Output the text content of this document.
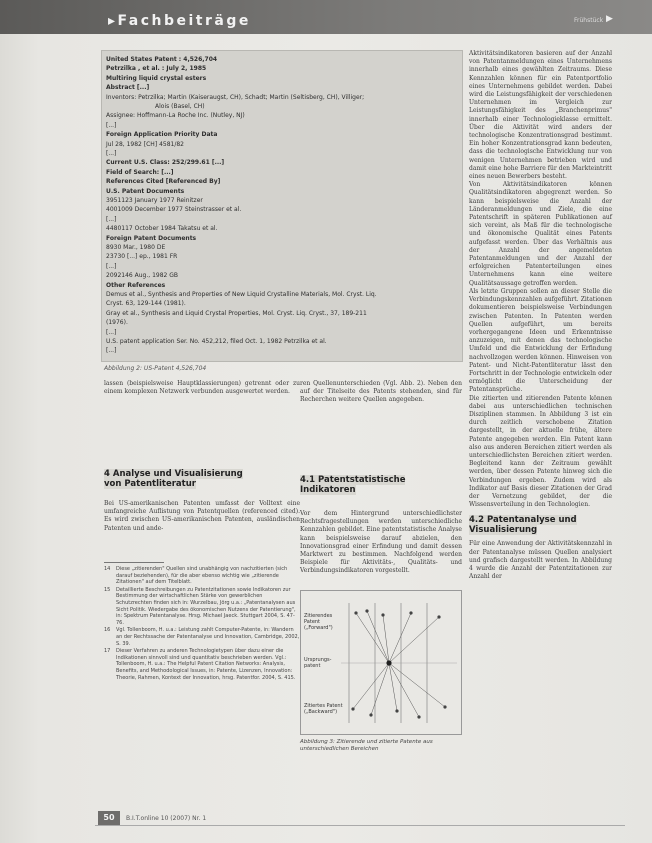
▸Fachbeiträge	Frühstück ▶
United States Patent : 4,526,704
Petrzilka , et al. : July 2, 1985
Multiring liquid crystal esters
Abstract [...]
Inventors: Petrzilka; Martin (Kaiseraugst, CH), Schadt; Martin (Seltisberg, CH), Villiger;
Alois (Basel, CH)
Assignee: Hoffmann-La Roche Inc. (Nutley, NJ)
[...]
Foreign Application Priority Data
Jul 28, 1982 [CH] 4581/82
[...]
Current U.S. Class: 252/299.61 [...]
Field of Search: [...]
References Cited [Referenced By]
U.S. Patent Documents
3951123 January 1977 Reinitzer
4001009 December 1977 Steinstrasser et al.
[...]
4480117 October 1984 Takatsu et al.
Foreign Patent Documents
8930 Mar., 1980 DE
23730 [...] ep., 1981 FR
[...]
2092146 Aug., 1982 GB
Other References
Demus et al., Synthesis and Properties of New Liquid Crystalline Materials, Mol. Cryst. Liq.
Cryst. 63, 129-144 (1981).
Gray et al., Synthesis and Liquid Crystal Properties, Mol. Cryst. Liq. Cryst., 37, 189-211
(1976).
[...]
U.S. patent application Ser. No. 452,212, filed Oct. 1, 1982 Petrzilka et al.
[...]
Abbildung 2: US-Patent 4,526,704
lassen (beispielsweise Hauptklassierungen) getrennt oder zu einem komplexen Netzwerk verbunden ausgewertet werden.
4 Analyse und Visualisierung
von Patentliteratur
Bei US-amerikanischen Patenten umfasst der Volltext eine umfangreiche Auflistung von Patentquellen (referenced cited). Es wird zwischen US-amerikanischen Patenten, ausländischen Patenten und ande-
14	Diese „zitierenden" Quellen sind unabhängig von nachzitierten (sich darauf beziehenden), für die aber ebenso wichtig wie „zitierende Zitationen" auf dem Titelblatt.
15	Detaillierte Beschreibungen zu Patentzitationen sowie Indikatoren zur Bestimmung der wirtschaftlichen Stärke von gewerblichen Schutzrechten finden sich in: Wurzelbau, Jörg u.a.: „Patentanalysen aus Sicht Politik. Wiedergabe des ökonomischen Nutzens der Patentierung", in: Spektrum Patentanalyse. Hrsg. Michael Jaeck. Stuttgart 2004, S. 47-76.
16	Vgl. Tollenboom, H. u.a.: Leistung zahlt Computer-Patente, in: Wandern an der Rechtssache der Patentanalyse und Innovation, Cambridge, 2002, S. 39.
17	Dieser Verfahren zu anderen Technologietypen über dazu einer die Indikationen sinnvoll sind und quantitativ beschrieben werden. Vgl.: Tollenboom, H. u.a.: The Helpful Patent Citation Networks: Analysis, Benefits, and Methodological Issues, in: Patente, Lizenzen, Innovation: Theorie, Rahmen, Kontext der Innovation, hrsg. Patentfor. 2004, S. 415.
ren Quellenunterschieden (Vgl. Abb. 2). Neben den auf der Titelseite des Patents stehenden, sind für Recherchen weitere Quellen angegeben.
4.1 Patentstatistische
Indikatoren
Vor dem Hintergrund unterschiedlichster Rechtsfragestellungen werden unterschiedliche Kennzahlen gebildet. Eine patentstatistische Analyse kann beispielsweise darauf abzielen, den Innovationsgrad einer Erfindung und damit dessen Marktwert zu bestimmen. Nachfolgend werden Beispiele für Aktivitäts-, Qualitäts- und Verbindungsindikatoren vorgestellt.
Zitierendes Patent („Forward")
Ursprungs-patent
Zitiertes Patent („Backward")
Abbildung 3: Zitierende und zitierte Patente aus unterschiedlichen Bereichen
Aktivitätsindikatoren basieren auf der Anzahl von Patentanmeldungen eines Unternehmens innerhalb eines gewählten Zeitraums. Diese Kennzahlen können für ein Patentportfolio eines Unternehmens gebildet werden. Dabei wird die Leistungsfähigkeit der verschiedenen Unternehmen im Vergleich zur Leistungsfähigkeit des „Branchenprimus" innerhalb einer Technologieklasse ermittelt. Über die Aktivität wird anders der technologische Konzentrationsgrad bestimmt. Ein hoher Konzentrationsgrad kann bedeuten, dass die technologische Entwicklung nur von wenigen Unternehmen betrieben wird und damit eine hohe Barriere für den Markteintritt eines neuen Bewerbers besteht.
Von Aktivitätsindikatoren können Qualitätsindikatoren abgegrenzt werden. So kann beispielsweise die Anzahl der Länderanmeldungen und Ziele, die eine Patentschrift in späteren Publikationen auf sich vereint, als Maß für die technologische und ökonomische Qualität eines Patents aufgefasst werden. Über das Verhältnis aus der Anzahl der angemeldeten Patentanmeldungen und der Anzahl der erfolgreichen Patenterteilungen eines Unternehmens kann eine weitere Qualitätsaussage getroffen werden.
Als letzte Gruppen sollen an dieser Stelle die Verbindungskennzahlen aufgeführt. Zitationen dokumentieren beispielsweise Verbindungen zwischen Patenten. In Patenten werden Quellen aufgeführt, um bereits vorhergegangene Ideen und Erkenntnisse anzuzeigen, mit denen das technologische Umfeld und die Entwicklung der Erfindung nachvollzogen werden können. Hinweisen von Patent- und Nicht-Patentliteratur lässt den Fortschritt in der Technologie entwickeln oder ermöglicht die Unterscheidung der Patentansprüche.
Die zitierten und zitierenden Patente können dabei aus unterschiedlichen technischen Disziplinen stammen. In Abbildung 3 ist ein durch zeitlich verschobene Zitation dargestellt, in der aktuelle frühe, ältere Patente angegeben werden. Ein Patent kann also aus anderen Bereichen zitiert werden als unterschiedlichsten Bereichen zitiert werden. Begleitend kann der Zeitraum gewählt werden, über dessen Patente hinweg sich die Verbindungen ergeben. Zudem wird als Indikator auf Basis dieser Zitationen der Grad der Vernetzung gebildet, der die Wissensverteilung in den Technologien.
4.2 Patentanalyse und
Visualisierung
Für eine Anwendung der Aktivitätskennzahl in der Patentanalyse müssen Quellen analysiert und grafisch dargestellt werden. In Abbildung 4 wurde die Anzahl der Patentzitationen zur Anzahl der
50	B.I.T.online 10 (2007) Nr. 1
